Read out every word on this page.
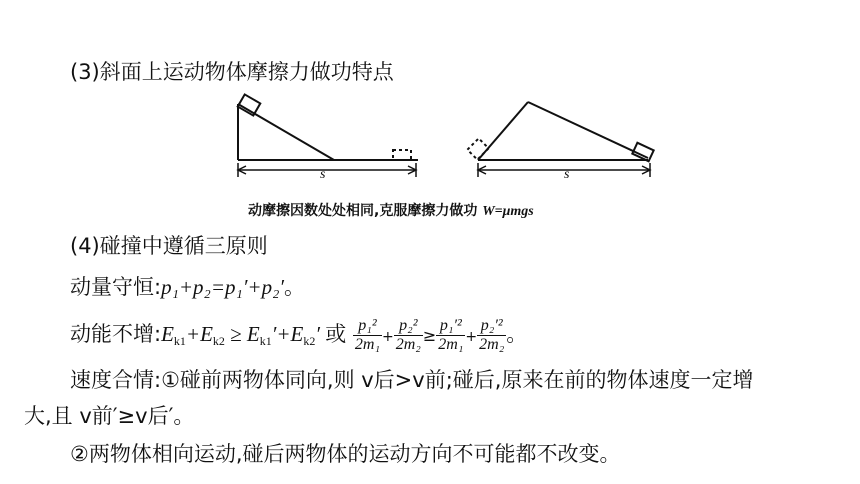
(3)斜面上运动物体摩擦力做功特点
s	s
动摩擦因数处处相同,克服摩擦力做功 W=μmgs
(4)碰撞中遵循三原则
动量守恒:p₁+p₂=p₁′+p₂′。
动能不增$:E_{k1}+E_{k2} \ge E_{k1}'+E_{k2}'$ 或 $\frac{\text{p₁²}}{\text{2m₁}} + \frac{\text{p₂²}}{\text{2m₂}} \ge \frac{\text{p₁′²}}{\text{2m₁}} + \frac{\text{p₂′²}}{\text{2m₂}}$ 。
速度合情:①碰前两物体同向,则 v后>v前;碰后,原来在前的物体速度一定增
大,且 v前′≥v后′。
②两物体相向运动,碰后两物体的运动方向不可能都不改变。
